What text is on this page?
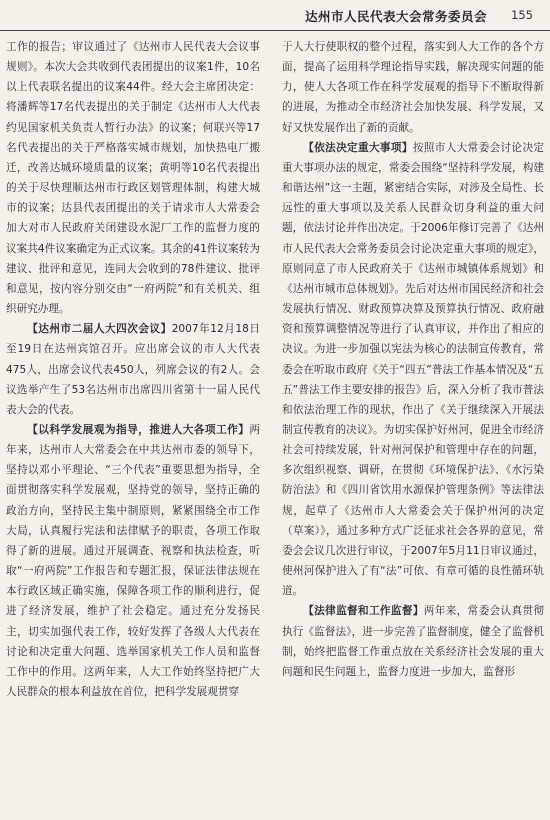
达州市人民代表大会常务委员会 155

工作的报告；审议通过了《达州市人民代表大会议事规则》。本次大会共收到代表团提出的议案1件，10名以上代表联名提出的议案44件。经大会主席团决定：将潘辉等17名代表提出的关于制定《达州市人大代表约见国家机关负责人暂行办法》的议案；何联兴等17名代表提出的关于严格落实城市规划，加快热电厂搬迁，改善达城环境质量的议案；黄明等10名代表提出的关于尽快理顺达州市行政区划管理体制，构建大城市的议案；达县代表团提出的关于请求市人大常委会加大对市人民政府关闭建设水泥厂工作的监督力度的议案共4件议案确定为正式议案。其余的41件议案转为建议、批评和意见，连同大会收到的78件建议、批评和意见，按内容分别交由“一府两院”和有关机关、组织研究办理。

【达州市二届人大四次会议】2007年12月18日至19日在达州宾馆召开。应出席会议的市人大代表475人，出席会议代表450人，列席会议的有2人。会议选举产生了53名达州市出席四川省第十一届人民代表大会的代表。

【以科学发展观为指导，推进人大各项工作】两年来，达州市人大常委会在中共达州市委的领导下，坚持以邓小平理论、“三个代表”重要思想为指导，全面贯彻落实科学发展观，坚持党的领导，坚持正确的政治方向，坚持民主集中制原则，紧紧围绕全市工作大局，认真履行宪法和法律赋予的职责，各项工作取得了新的进展。通过开展调查、视察和执法检查，听取“一府两院”工作报告和专题汇报，保证法律法规在本行政区域正确实施，保障各项工作的顺利进行，促进了经济发展，维护了社会稳定。通过充分发扬民主，切实加强代表工作，较好发挥了各级人大代表在讨论和决定重大问题、选举国家机关工作人员和监督工作中的作用。这两年来，人大工作始终坚持把广大人民群众的根本利益放在首位，把科学发展观贯穿

于人大行使职权的整个过程，落实到人大工作的各个方面，提高了运用科学理论指导实践，解决现实问题的能力，使人大各项工作在科学发展观的指导下不断取得新的进展，为推动全市经济社会加快发展、科学发展，又好又快发展作出了新的贡献。

【依法决定重大事项】按照市人大常委会讨论决定重大事项办法的规定，常委会围绕“坚持科学发展，构建和谐达州”这一主题，紧密结合实际，对涉及全局性、长远性的重大事项以及关系人民群众切身利益的重大问题，依法讨论并作出决定。于2006年修订完善了《达州市人民代表大会常务委员会讨论决定重大事项的规定》，原则同意了市人民政府关于《达州市城镇体系规划》和《达州市城市总体规划》。先后对达州市国民经济和社会发展执行情况、财政预算决算及预算执行情况、政府融资和预算调整情况等进行了认真审议，并作出了相应的决议。为进一步加强以宪法为核心的法制宣传教育，常委会在听取市政府《关于“四五”普法工作基本情况及“五五”普法工作主要安排的报告》后，深入分析了我市普法和依法治理工作的现状，作出了《关于继续深入开展法制宣传教育的决议》。为切实保护好州河，促进全市经济社会可持续发展，针对州河保护和管理中存在的问题，多次组织视察、调研，在贯彻《环境保护法》、《水污染防治法》和《四川省饮用水源保护管理条例》等法律法规，起草了《达州市人大常委会关于保护州河的决定（草案）》，通过多种方式广泛征求社会各界的意见，常委会会议几次进行审议，于2007年5月11日审议通过，使州河保护进入了有“法”可依、有章可循的良性循环轨道。

【法律监督和工作监督】两年来，常委会认真贯彻执行《监督法》，进一步完善了监督制度，健全了监督机制，始终把监督工作重点放在关系经济社会发展的重大问题和民生问题上，监督力度进一步加大，监督形
